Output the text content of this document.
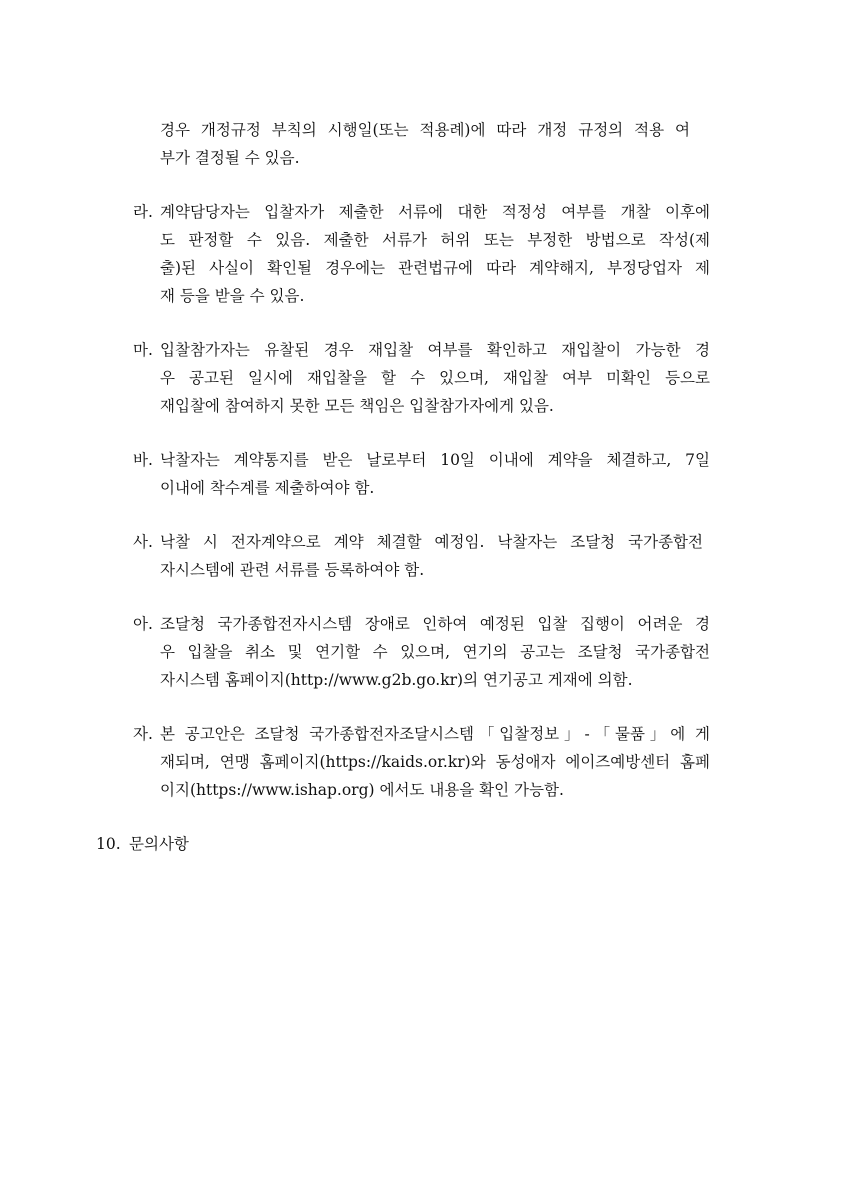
경우 개정규정 부칙의 시행일(또는 적용례)에 따라 개정 규정의 적용 여
부가 결정될 수 있음.
라. 계약담당자는 입찰자가 제출한 서류에 대한 적정성 여부를 개찰 이후에
도 판정할 수 있음. 제출한 서류가 허위 또는 부정한 방법으로 작성(제
출)된 사실이 확인될 경우에는 관련법규에 따라 계약해지, 부정당업자 제
재 등을 받을 수 있음.
마. 입찰참가자는 유찰된 경우 재입찰 여부를 확인하고 재입찰이 가능한 경
우 공고된 일시에 재입찰을 할 수 있으며, 재입찰 여부 미확인 등으로
재입찰에 참여하지 못한 모든 책임은 입찰참가자에게 있음.
바. 낙찰자는 계약통지를 받은 날로부터 10일 이내에 계약을 체결하고, 7일
이내에 착수계를 제출하여야 함.
사. 낙찰 시 전자계약으로 계약 체결할 예정임. 낙찰자는 조달청 국가종합전
자시스템에 관련 서류를 등록하여야 함.
아. 조달청 국가종합전자시스템 장애로 인하여 예정된 입찰 집행이 어려운 경
우 입찰을 취소 및 연기할 수 있으며, 연기의 공고는 조달청 국가종합전
자시스템 홈페이지(http://www.g2b.go.kr)의 연기공고 게재에 의함.
자. 본 공고안은 조달청 국가종합전자조달시스템「입찰정보」-「물품」에 게
재되며, 연맹 홈페이지(https://kaids.or.kr)와 동성애자 에이즈예방센터 홈페
이지(https://www.ishap.org) 에서도 내용을 확인 가능함.
10. 문의사항
